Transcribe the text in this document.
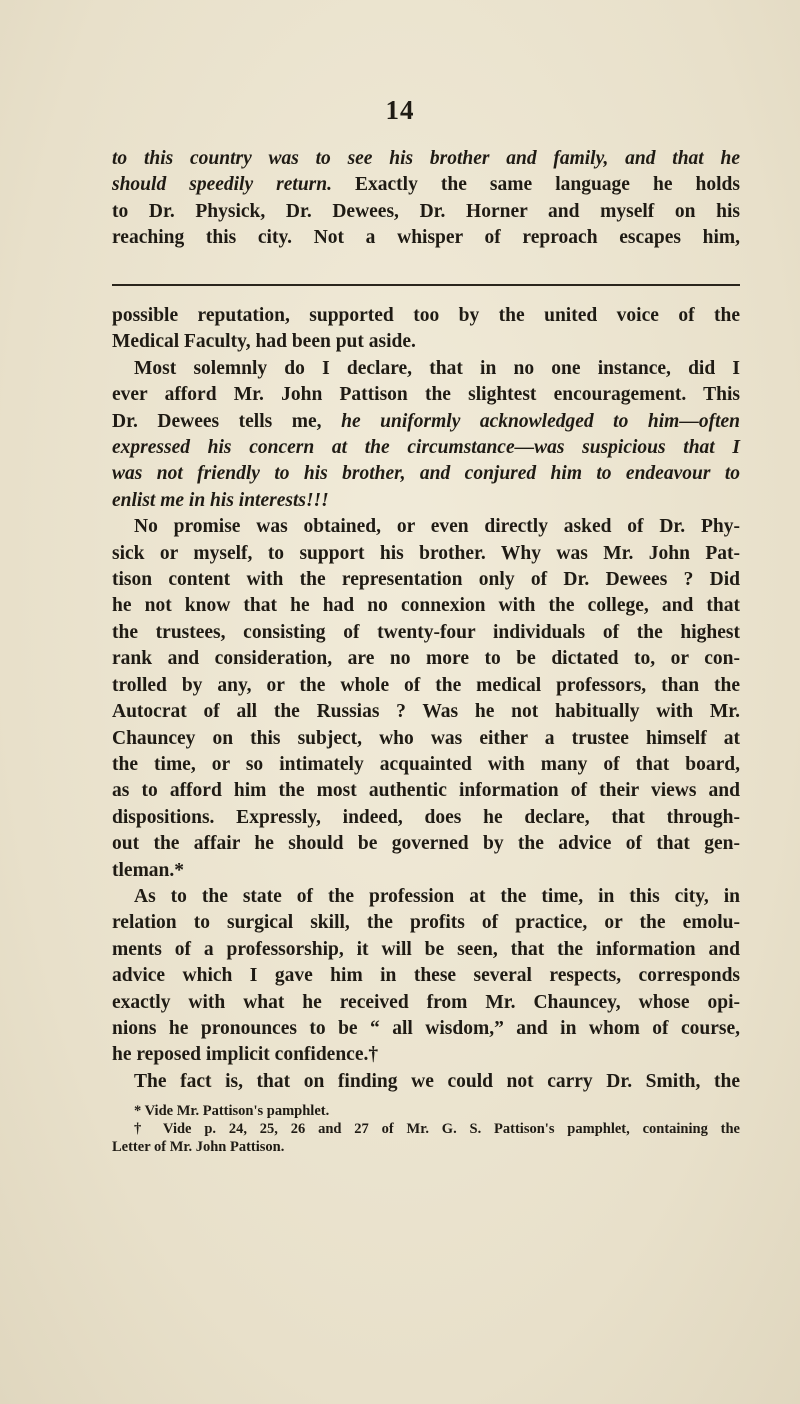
14
to this country was to see his brother and family, and that he
should speedily return. Exactly the same language he holds
to Dr. Physick, Dr. Dewees, Dr. Horner and myself on his
reaching this city. Not a whisper of reproach escapes him,
possible reputation, supported too by the united voice of the
Medical Faculty, had been put aside.
Most solemnly do I declare, that in no one instance, did I
ever afford Mr. John Pattison the slightest encouragement. This
Dr. Dewees tells me, he uniformly acknowledged to him—often
expressed his concern at the circumstance—was suspicious that I
was not friendly to his brother, and conjured him to endeavour to
enlist me in his interests!!!
No promise was obtained, or even directly asked of Dr. Phy-
sick or myself, to support his brother. Why was Mr. John Pat-
tison content with the representation only of Dr. Dewees ? Did
he not know that he had no connexion with the college, and that
the trustees, consisting of twenty-four individuals of the highest
rank and consideration, are no more to be dictated to, or con-
trolled by any, or the whole of the medical professors, than the
Autocrat of all the Russias ? Was he not habitually with Mr.
Chauncey on this subject, who was either a trustee himself at
the time, or so intimately acquainted with many of that board,
as to afford him the most authentic information of their views and
dispositions. Expressly, indeed, does he declare, that through-
out the affair he should be governed by the advice of that gen-
tleman.*
As to the state of the profession at the time, in this city, in
relation to surgical skill, the profits of practice, or the emolu-
ments of a professorship, it will be seen, that the information and
advice which I gave him in these several respects, corresponds
exactly with what he received from Mr. Chauncey, whose opi-
nions he pronounces to be “ all wisdom,” and in whom of course,
he reposed implicit confidence.†
The fact is, that on finding we could not carry Dr. Smith, the
* Vide Mr. Pattison's pamphlet.
† Vide p. 24, 25, 26 and 27 of Mr. G. S. Pattison's pamphlet, containing the
Letter of Mr. John Pattison.
